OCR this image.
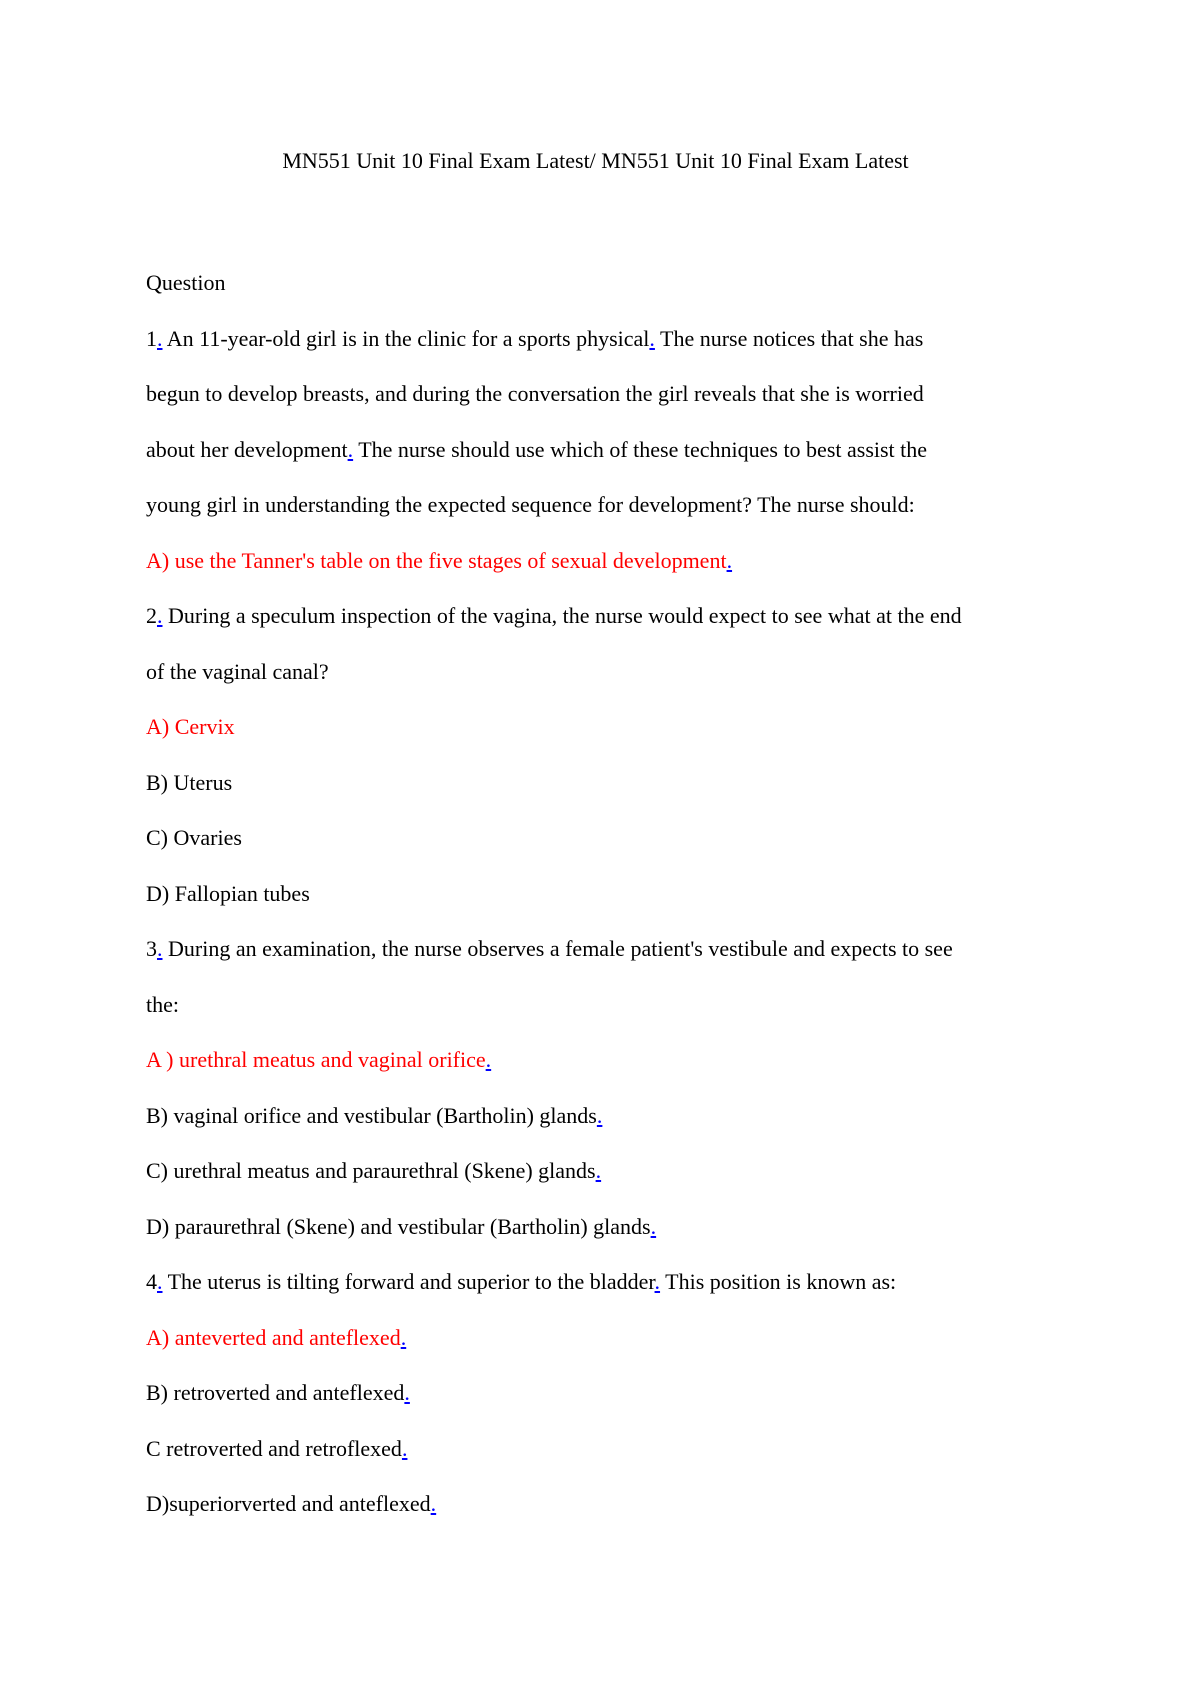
MN551 Unit 10 Final Exam Latest/ MN551 Unit 10 Final Exam Latest

Question

1. An 11-year-old girl is in the clinic for a sports physical. The nurse notices that she has

begun to develop breasts, and during the conversation the girl reveals that she is worried

about her development. The nurse should use which of these techniques to best assist the

young girl in understanding the expected sequence for development? The nurse should:

A) use the Tanner's table on the five stages of sexual development.

2. During a speculum inspection of the vagina, the nurse would expect to see what at the end

of the vaginal canal?

A) Cervix

B) Uterus

C) Ovaries

D) Fallopian tubes

3. During an examination, the nurse observes a female patient's vestibule and expects to see

the:

A ) urethral meatus and vaginal orifice.

B) vaginal orifice and vestibular (Bartholin) glands.

C) urethral meatus and paraurethral (Skene) glands.

D) paraurethral (Skene) and vestibular (Bartholin) glands.

4. The uterus is tilting forward and superior to the bladder. This position is known as:

A) anteverted and anteflexed.

B) retroverted and anteflexed.

C retroverted and retroflexed.

D)superiorverted and anteflexed.
